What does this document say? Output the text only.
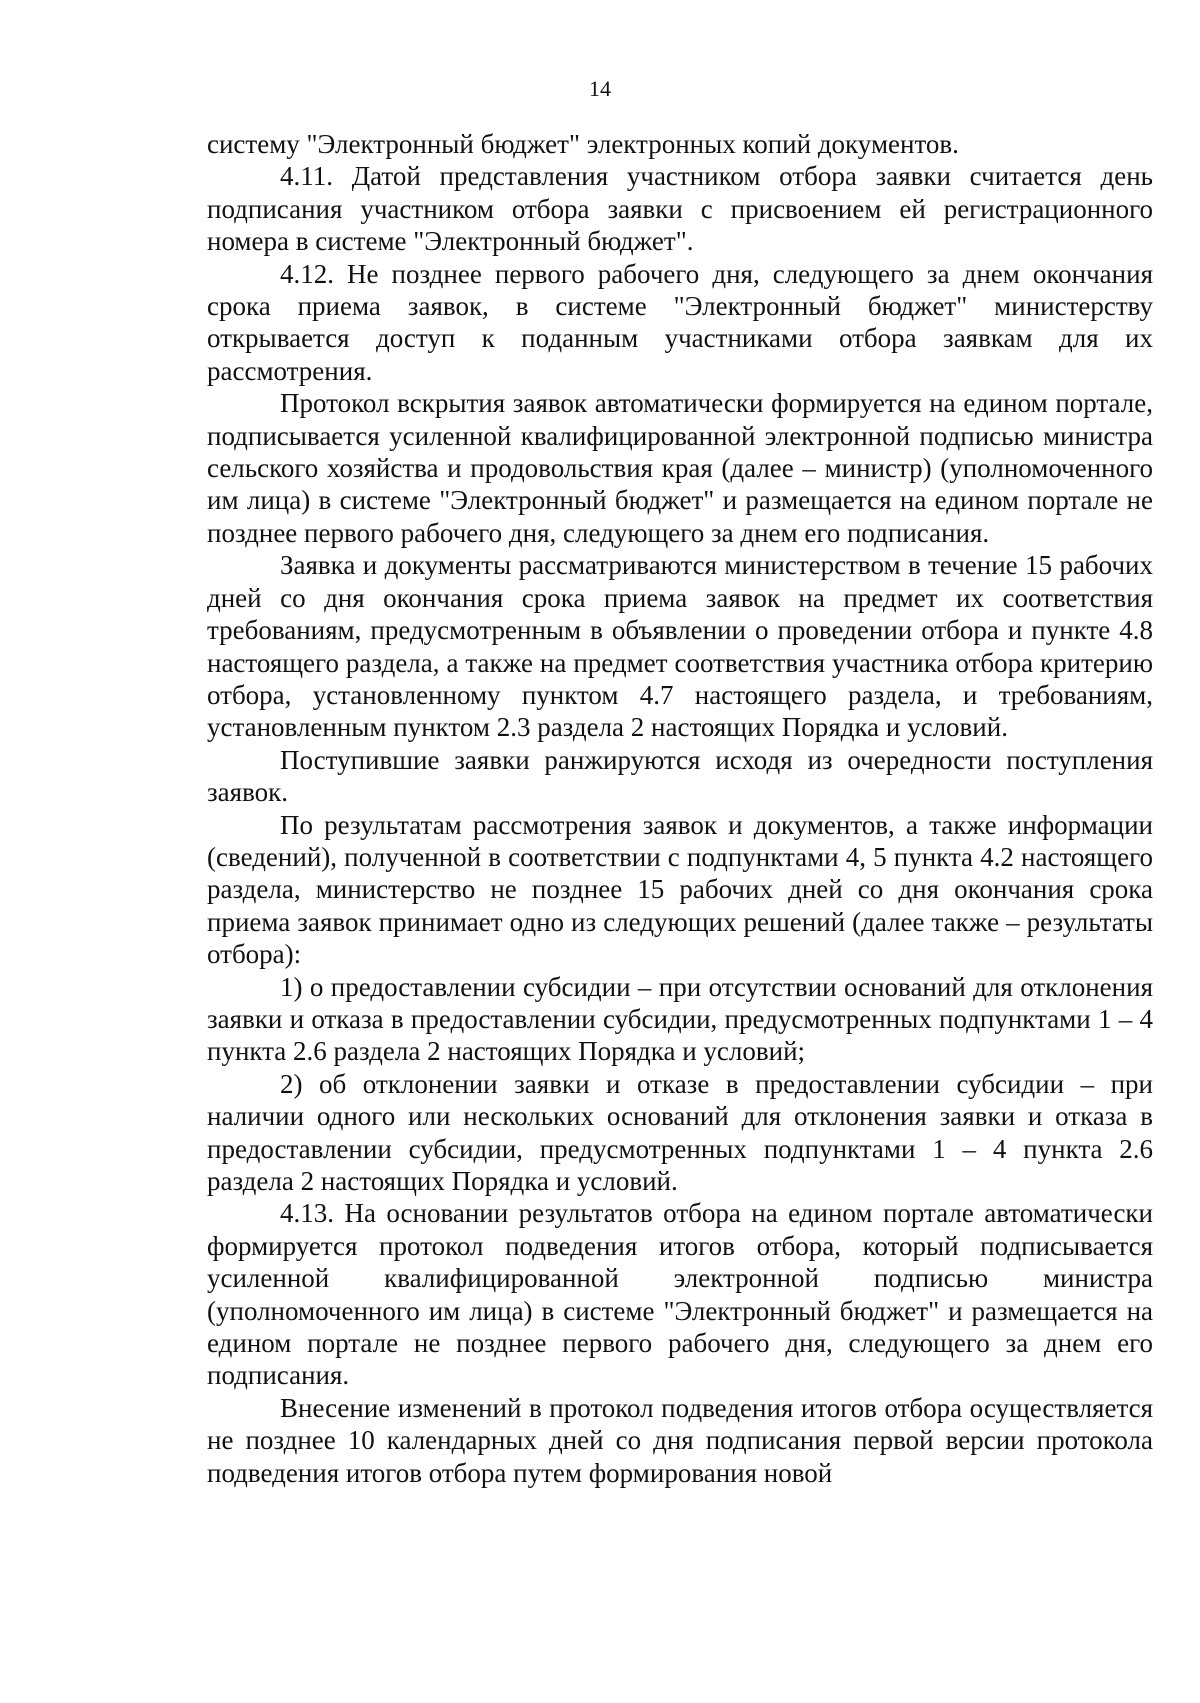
14

систему "Электронный бюджет" электронных копий документов.

4.11. Датой представления участником отбора заявки считается день подписания участником отбора заявки с присвоением ей регистрационного номера в системе "Электронный бюджет".

4.12. Не позднее первого рабочего дня, следующего за днем окончания срока приема заявок, в системе "Электронный бюджет" министерству открывается доступ к поданным участниками отбора заявкам для их рассмотрения.

Протокол вскрытия заявок автоматически формируется на едином портале, подписывается усиленной квалифицированной электронной подписью министра сельского хозяйства и продовольствия края (далее – министр) (уполномоченного им лица) в системе "Электронный бюджет" и размещается на едином портале не позднее первого рабочего дня, следующего за днем его подписания.

Заявка и документы рассматриваются министерством в течение 15 рабочих дней со дня окончания срока приема заявок на предмет их соответствия требованиям, предусмотренным в объявлении о проведении отбора и пункте 4.8 настоящего раздела, а также на предмет соответствия участника отбора критерию отбора, установленному пунктом 4.7 настоящего раздела, и требованиям, установленным пунктом 2.3 раздела 2 настоящих Порядка и условий.

Поступившие заявки ранжируются исходя из очередности поступления заявок.

По результатам рассмотрения заявок и документов, а также информации (сведений), полученной в соответствии с подпунктами 4, 5 пункта 4.2 настоящего раздела, министерство не позднее 15 рабочих дней со дня окончания срока приема заявок принимает одно из следующих решений (далее также – результаты отбора):

1) о предоставлении субсидии – при отсутствии оснований для отклонения заявки и отказа в предоставлении субсидии, предусмотренных подпунктами 1 – 4 пункта 2.6 раздела 2 настоящих Порядка и условий;

2) об отклонении заявки и отказе в предоставлении субсидии – при наличии одного или нескольких оснований для отклонения заявки и отказа в предоставлении субсидии, предусмотренных подпунктами 1 – 4 пункта 2.6 раздела 2 настоящих Порядка и условий.

4.13. На основании результатов отбора на едином портале автоматически формируется протокол подведения итогов отбора, который подписывается усиленной квалифицированной электронной подписью министра (уполномоченного им лица) в системе "Электронный бюджет" и размещается на едином портале не позднее первого рабочего дня, следующего за днем его подписания.

Внесение изменений в протокол подведения итогов отбора осуществляется не позднее 10 календарных дней со дня подписания первой версии протокола подведения итогов отбора путем формирования новой
